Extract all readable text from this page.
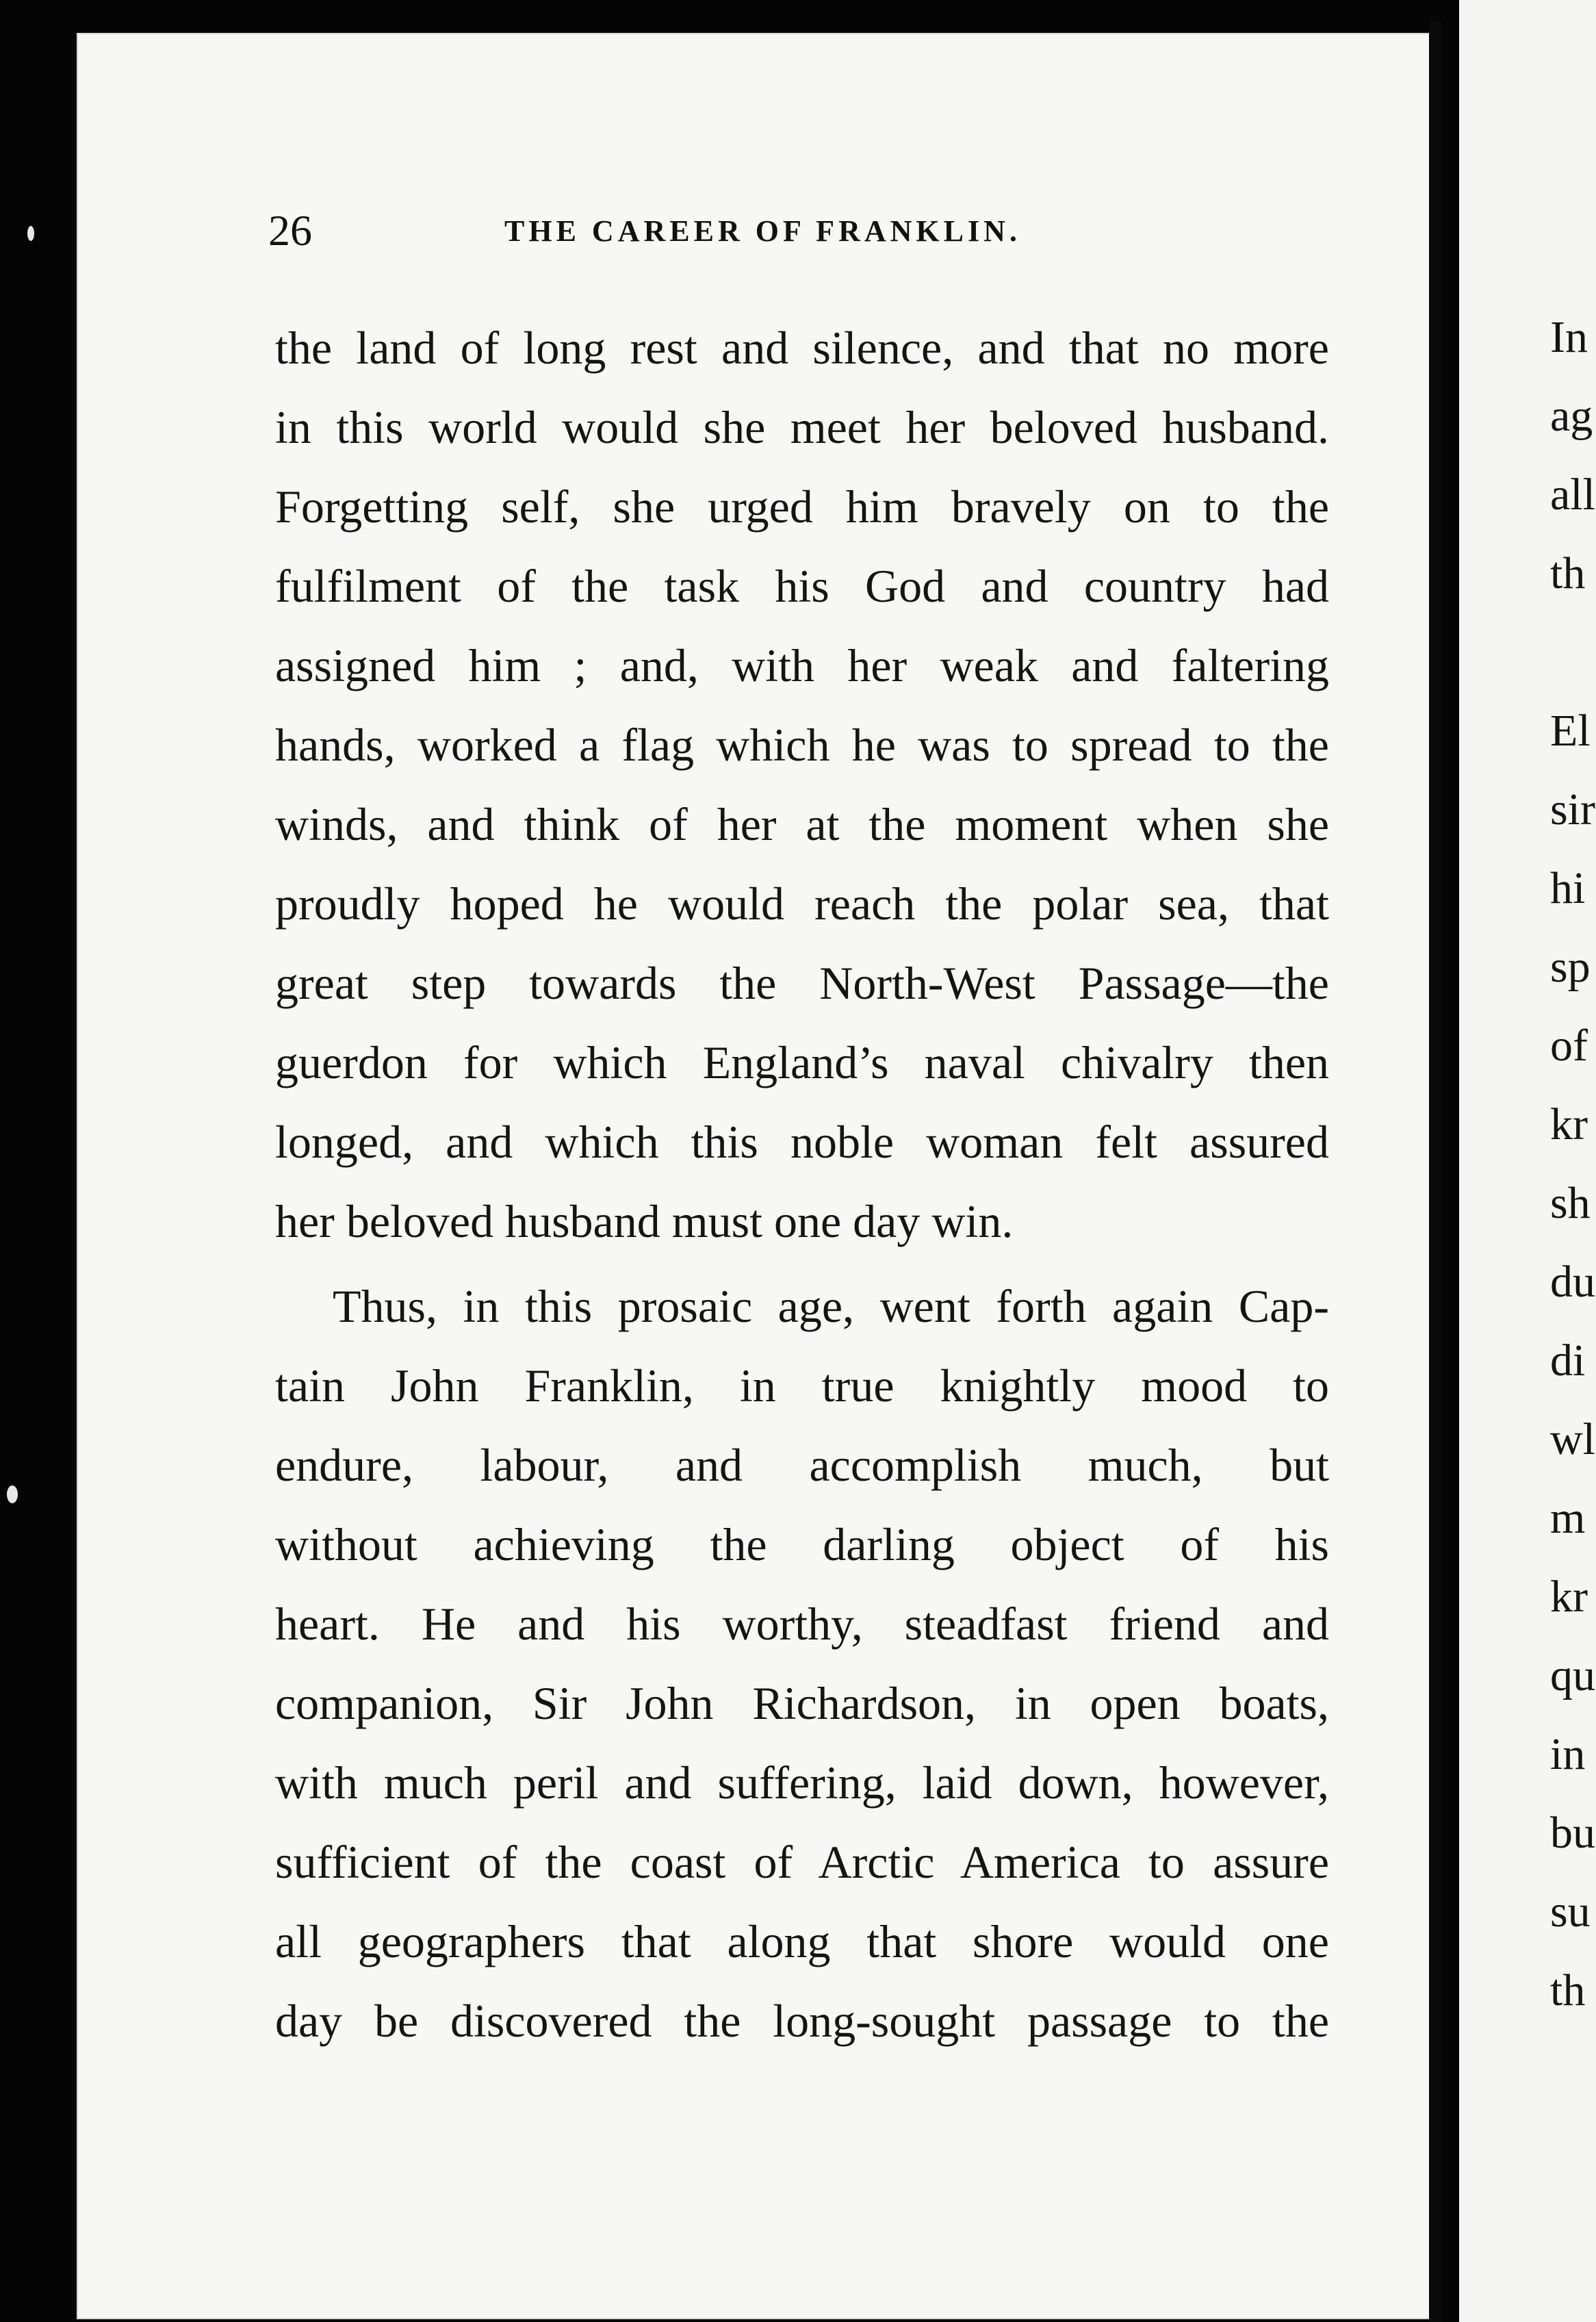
26	THE CAREER OF FRANKLIN.
the land of long rest and silence, and that no more
in this world would she meet her beloved husband.
Forgetting self, she urged him bravely on to the
fulfilment of the task his God and country had
assigned him ; and, with her weak and faltering
hands, worked a flag which he was to spread to the
winds, and think of her at the moment when she
proudly hoped he would reach the polar sea, that
great step towards the North-West Passage—the
guerdon for which England’s naval chivalry then
longed, and which this noble woman felt assured
her beloved husband must one day win.
Thus, in this prosaic age, went forth again Cap-
tain John Franklin, in true knightly mood to
endure, labour, and accomplish much, but
without achieving the darling object of his
heart. He and his worthy, steadfast friend and
companion, Sir John Richardson, in open boats,
with much peril and suffering, laid down, however,
sufficient of the coast of Arctic America to assure
all geographers that along that shore would one
day be discovered the long-sought passage to the
In
ag
all
th
El
sir
hi
sp
of
kr
sh
du
di
wl
m
kr
qu
in
bu
su
th
